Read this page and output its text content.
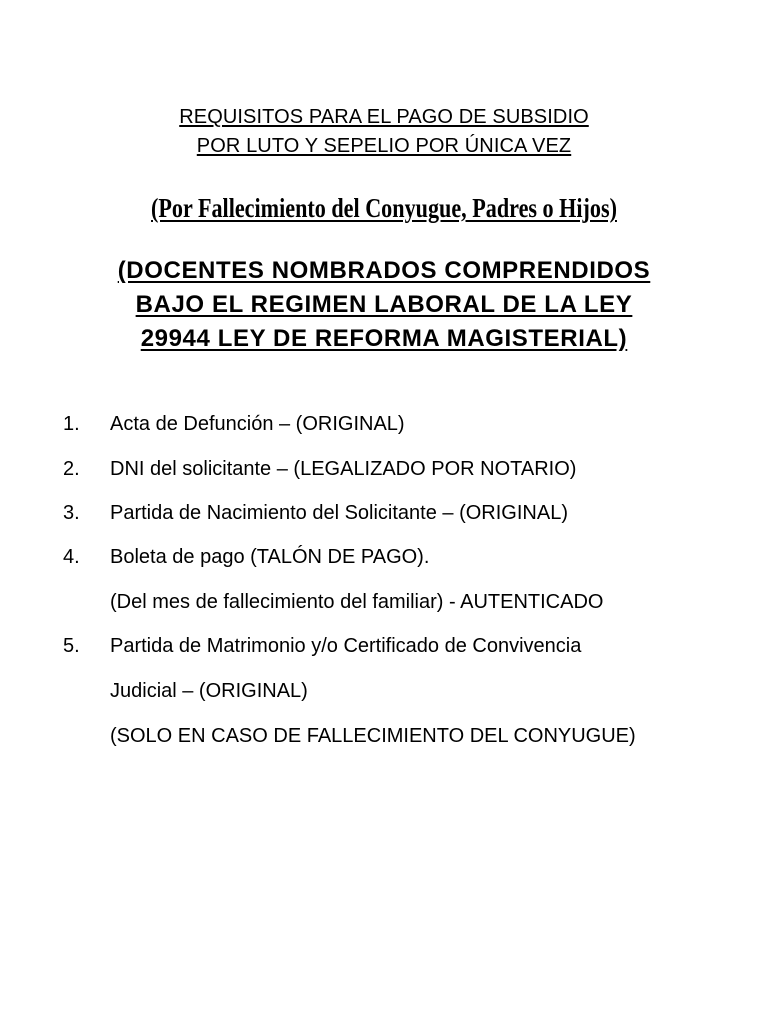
REQUISITOS PARA EL PAGO DE SUBSIDIO
POR LUTO Y SEPELIO POR ÚNICA VEZ
(Por Fallecimiento del Conyugue, Padres o Hijos)
(DOCENTES NOMBRADOS COMPRENDIDOS
BAJO EL REGIMEN LABORAL DE LA LEY
29944 LEY DE REFORMA MAGISTERIAL)
1. Acta de Defunción – (ORIGINAL)
2. DNI del solicitante – (LEGALIZADO POR NOTARIO)
3. Partida de Nacimiento del Solicitante – (ORIGINAL)
4. Boleta de pago (TALÓN DE PAGO).
(Del mes de fallecimiento del familiar) - AUTENTICADO
5. Partida de Matrimonio y/o Certificado de Convivencia
Judicial – (ORIGINAL)
(SOLO EN CASO DE FALLECIMIENTO DEL CONYUGUE)
